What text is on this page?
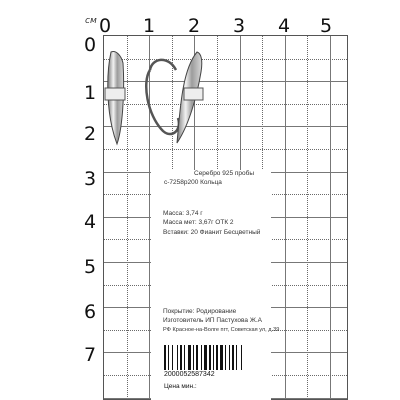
см
0
1
2
3
4
5
6
7
0 1 2 3 4 5
Серебро 925 пробы
с-7258р200 Кольца
Масса: 3,74 г
Масса мет: 3,67г ОТК 2
Вставки: 20 Фианит Бесцветный
Покрытие: Родирование
Изготовитель ИП Пастухова Ж.А
РФ Красное-на-Волге пгт, Советская ул, д 39
2000052587342
Цена мин.:
